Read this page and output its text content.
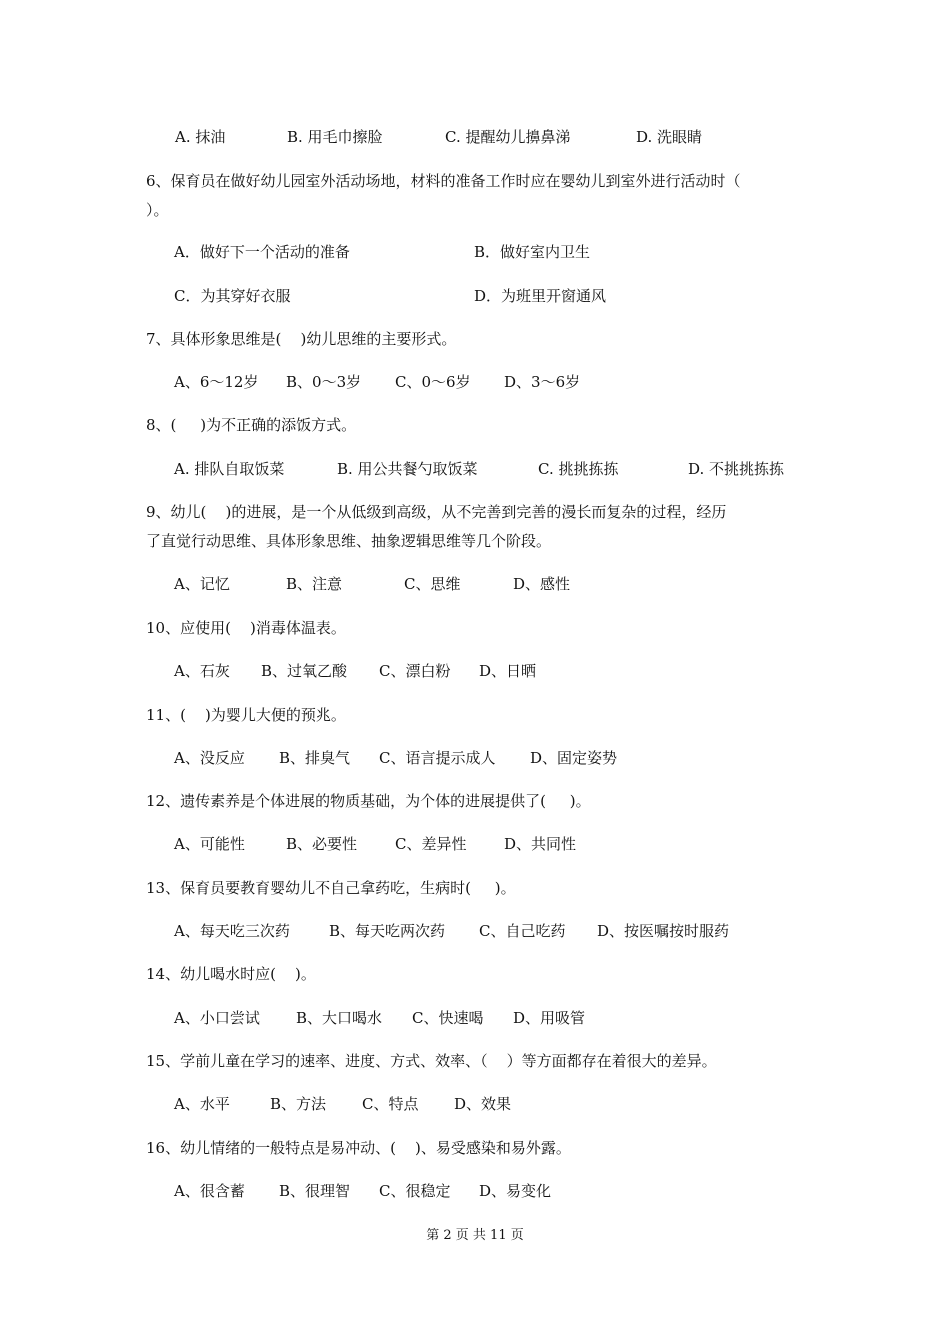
A. 抹油	B. 用毛巾擦脸	C. 提醒幼儿擤鼻涕	D. 洗眼睛
6、保育员在做好幼儿园室外活动场地，材料的准备工作时应在婴幼儿到室外进行活动时（
）。
A．做好下一个活动的准备	B．做好室内卫生
C．为其穿好衣服	D．为班里开窗通风
7、具体形象思维是(    )幼儿思维的主要形式。
A、6～12岁 B、0～3岁 C、0～6岁 D、3～6岁
8、(     )为不正确的添饭方式。
A. 排队自取饭菜	B. 用公共餐勺取饭菜	C. 挑挑拣拣	D. 不挑挑拣拣
9、幼儿(    )的进展，是一个从低级到高级，从不完善到完善的漫长而复杂的过程，经历
了直觉行动思维、具体形象思维、抽象逻辑思维等几个阶段。
A、记忆	B、注意	C、思维	D、感性
10、应使用(    )消毒体温表。
A、石灰 B、过氧乙酸 C、漂白粉 D、日晒
11、(    )为婴儿大便的预兆。
A、没反应 B、排臭气 C、语言提示成人 D、固定姿势
12、遗传素养是个体进展的物质基础，为个体的进展提供了(     )。
A、可能性	B、必要性	C、差异性	D、共同性
13、保育员要教育婴幼儿不自己拿药吃，生病时(     )。
A、每天吃三次药	B、每天吃两次药 C、自己吃药 D、按医嘱按时服药
14、幼儿喝水时应(    )。
A、小口尝试 B、大口喝水 C、快速喝 D、用吸管
15、学前儿童在学习的速率、进度、方式、效率、（    ）等方面都存在着很大的差异。
A、水平	B、方法 C、特点 D、效果
16、幼儿情绪的一般特点是易冲动、(    )、易受感染和易外露。
A、很含蓄 B、很理智 C、很稳定 D、易变化
第 2 页 共 11 页
